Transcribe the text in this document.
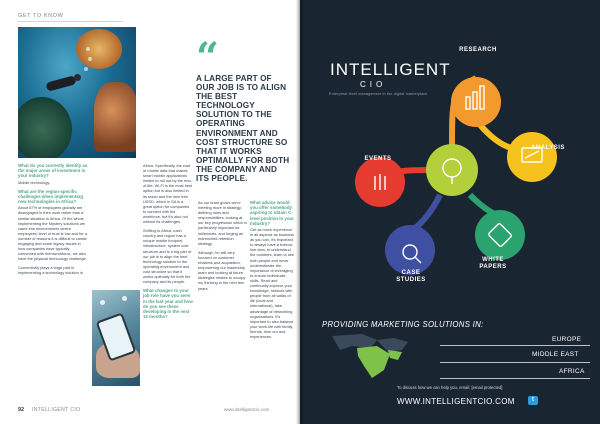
GET TO KNOW
“
A LARGE PART OF OUR JOB IS TO ALIGN THE BEST TECHNOLOGY SOLUTION TO THE OPERATING ENVIRONMENT AND COST STRUCTURE SO THAT IT WORKS OPTIMALLY FOR BOTH THE COMPANY AND ITS PEOPLE.
What do you currently identify as the major areas of investment in your industry?
Mobile technology.
What are the region-specific challenges when implementing new technologies in Africa?
About 67% of employees globally are disengaged in their work rather than a similar situation in Africa. Of the whole implementing the Mystery solutions we came into environments where employees' level of trust is low and for a number of reasons it is difficult to create engaging and some legacy issues in how companies have typically connected with themworkforce, we also have the physical technology challenge.
Connectivity plays a large part in implementing a technology solution in
Africa. Specifically, the cost of mobile data that makes smart mobile applications limited to roll out by the end-of-life. Wi-Fi is the most best option but is also limited in its reach and the new free USSD, which in SA is a great option for companies to connect with the workforce, but it's also not without its challenges.
Shifting to Africa, each country and region has a unique mobile footprint, infrastructure, system cost structure and is a big part of our job is to align the best technology solution to the operating environment and cost structure so that it works optimally for both the company and its people.
What changes to your job role have you seen in the last year and how do you see these developing in the next 12 months?
As our team grows we're meeting more in strategy, defining roles and responsibilities, looking at our key progression which is particularly important for millennials, and forging an entrenched retention strategy.
Although I'm still very focused on customer relations and acquisition, empowering our leadership team and looking at future strategies relates to occupy my thinking in the next few years.
What advice would you offer somebody aspiring to obtain C-level position in your industry?
Get as much experience in all aspects as business as you can, it's important to always have a bottom-line view, to understand the numbers, learn to see both people and never underestimate the importance of leveraging to ensure individuals skills. Read and continually improve your knowledge, network with people from all walks of life (local and international), take advantage of networking organisations. It's important to also balance your work-life with family, friends, time out and experiences.
92 INTELLIGENT CIO	www.intelligentcio.com
INTELLIGENT
CIO
Enterprise-level management in the digital marketplace
RESEARCH
ANALYSIS
EVENTS
CASE STUDIES
WHITE PAPERS
PROVIDING MARKETING SOLUTIONS IN:
EUROPE
MIDDLE EAST
AFRICA
To discuss how we can help you, email: [email protected]
WWW.INTELLIGENTCIO.COM	t
